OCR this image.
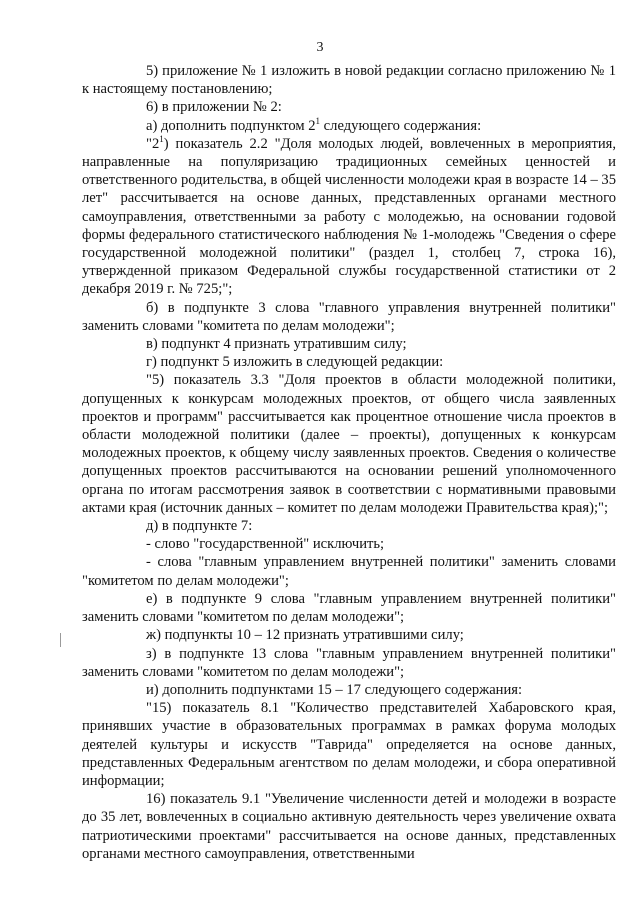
3

5) приложение № 1 изложить в новой редакции согласно приложению № 1 к настоящему постановлению;

6) в приложении № 2:

а) дополнить подпунктом $2^1$ следующего содержания:

"$2^1$) показатель 2.2 "Доля молодых людей, вовлеченных в мероприятия, направленные на популяризацию традиционных семейных ценностей и ответственного родительства, в общей численности молодежи края в возрасте 14 – 35 лет" рассчитывается на основе данных, представленных органами местного самоуправления, ответственными за работу с молодежью, на основании годовой формы федерального статистического наблюдения № 1-молодежь "Сведения о сфере государственной молодежной политики" (раздел 1, столбец 7, строка 16), утвержденной приказом Федеральной службы государственной статистики от 2 декабря 2019 г. № 725;";

б) в подпункте 3 слова "главного управления внутренней политики" заменить словами "комитета по делам молодежи";

в) подпункт 4 признать утратившим силу;

г) подпункт 5 изложить в следующей редакции:

"5) показатель 3.3 "Доля проектов в области молодежной политики, допущенных к конкурсам молодежных проектов, от общего числа заявленных проектов и программ" рассчитывается как процентное отношение числа проектов в области молодежной политики (далее – проекты), допущенных к конкурсам молодежных проектов, к общему числу заявленных проектов. Сведения о количестве допущенных проектов рассчитываются на основании решений уполномоченного органа по итогам рассмотрения заявок в соответствии с нормативными правовыми актами края (источник данных – комитет по делам молодежи Правительства края);";

д) в подпункте 7:

- слово "государственной" исключить;

- слова "главным управлением внутренней политики" заменить словами "комитетом по делам молодежи";

е) в подпункте 9 слова "главным управлением внутренней политики" заменить словами "комитетом по делам молодежи";

ж) подпункты 10 – 12 признать утратившими силу;

з) в подпункте 13 слова "главным управлением внутренней политики" заменить словами "комитетом по делам молодежи";

и) дополнить подпунктами 15 – 17 следующего содержания:

"15) показатель 8.1 "Количество представителей Хабаровского края, принявших участие в образовательных программах в рамках форума молодых деятелей культуры и искусств "Таврида" определяется на основе данных, представленных Федеральным агентством по делам молодежи, и сбора оперативной информации;

16) показатель 9.1 "Увеличение численности детей и молодежи в возрасте до 35 лет, вовлеченных в социально активную деятельность через увеличение охвата патриотическими проектами" рассчитывается на основе данных, представленных органами местного самоуправления, ответственными
